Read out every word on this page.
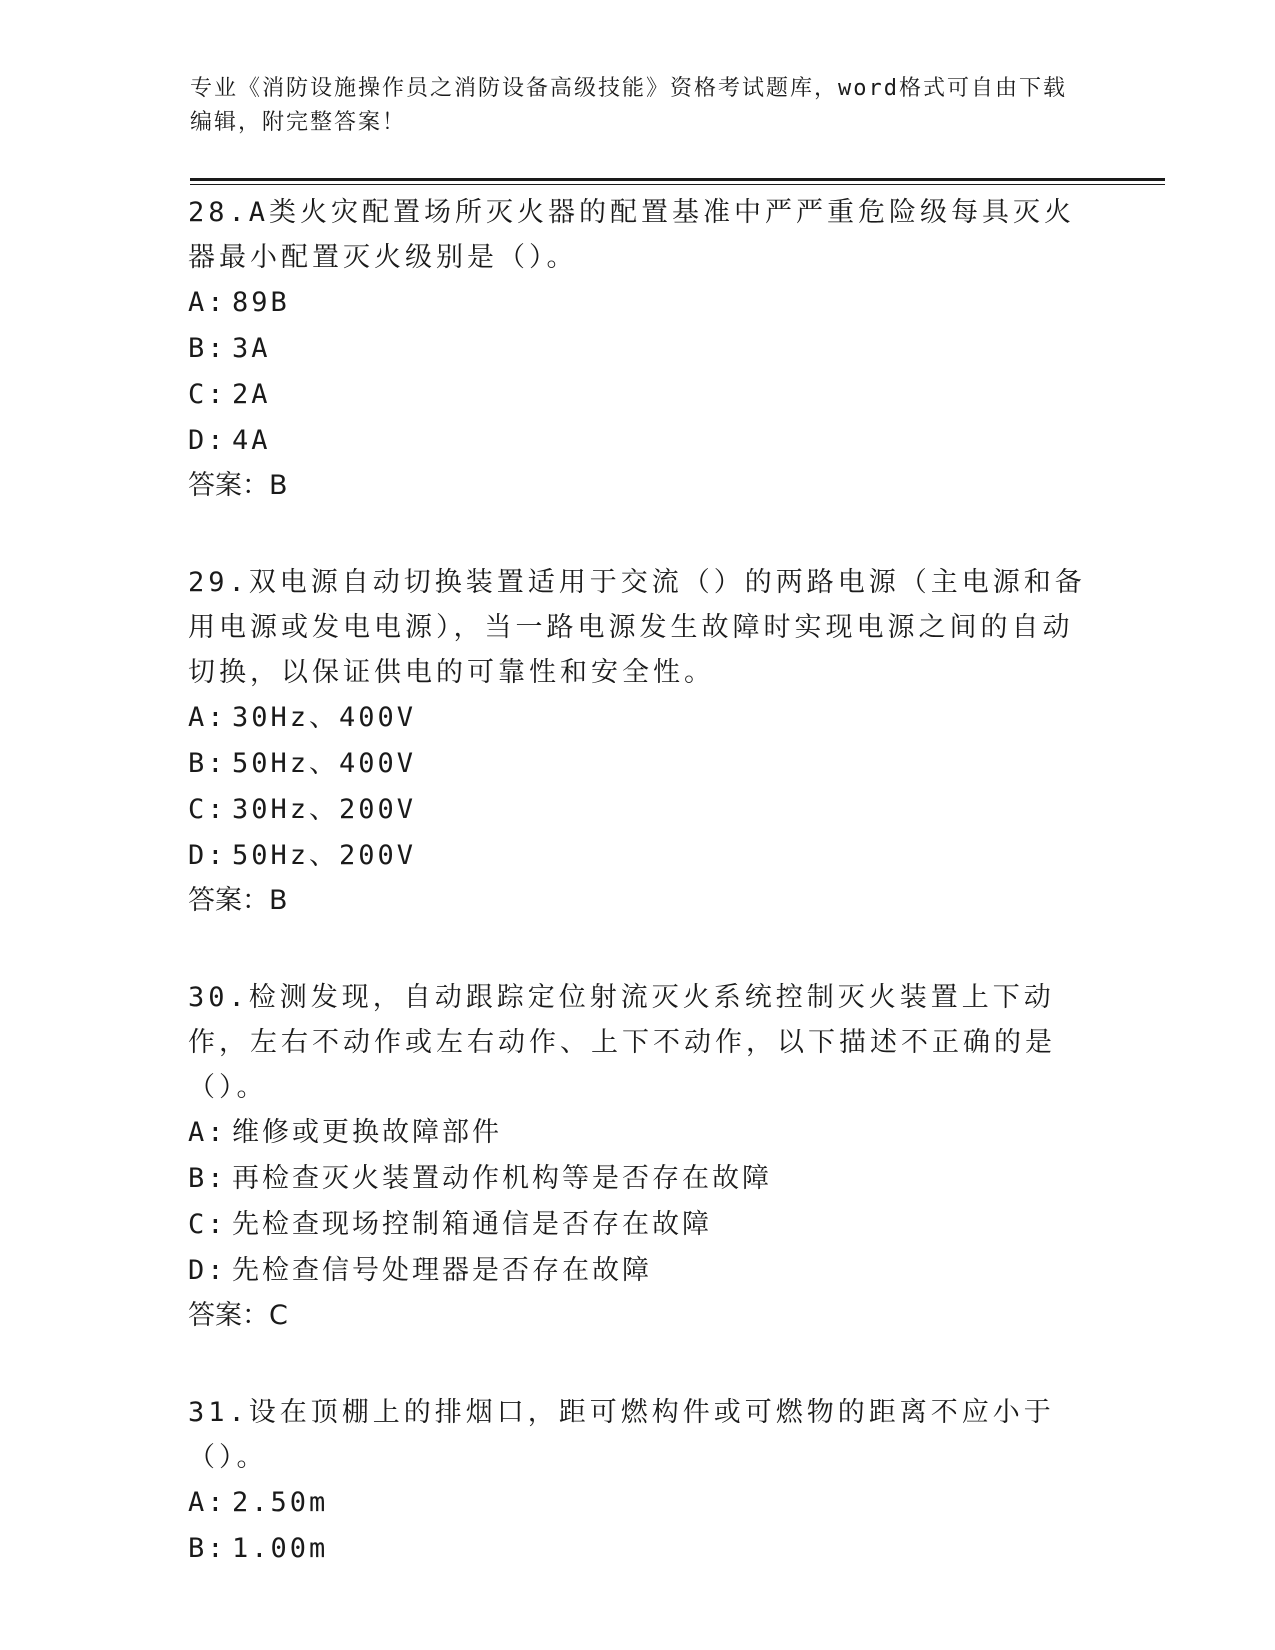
专业《消防设施操作员之消防设备高级技能》资格考试题库，word格式可自由下载编辑，附完整答案！

28.A类火灾配置场所灭火器的配置基准中严严重危险级每具灭火器最小配置灭火级别是（）。

A: 89B

B: 3A

C: 2A

D: 4A

答案：B

29.双电源自动切换装置适用于交流（）的两路电源（主电源和备用电源或发电电源），当一路电源发生故障时实现电源之间的自动切换，以保证供电的可靠性和安全性。

A: 30Hz、400V

B: 50Hz、400V

C: 30Hz、200V

D: 50Hz、200V

答案：B

30.检测发现，自动跟踪定位射流灭火系统控制灭火装置上下动作，左右不动作或左右动作、上下不动作，以下描述不正确的是（）。

A: 维修或更换故障部件

B: 再检查灭火装置动作机构等是否存在故障

C: 先检查现场控制箱通信是否存在故障

D: 先检查信号处理器是否存在故障

答案：C

31.设在顶棚上的排烟口，距可燃构件或可燃物的距离不应小于（）。

A: 2.50m

B: 1.00m
